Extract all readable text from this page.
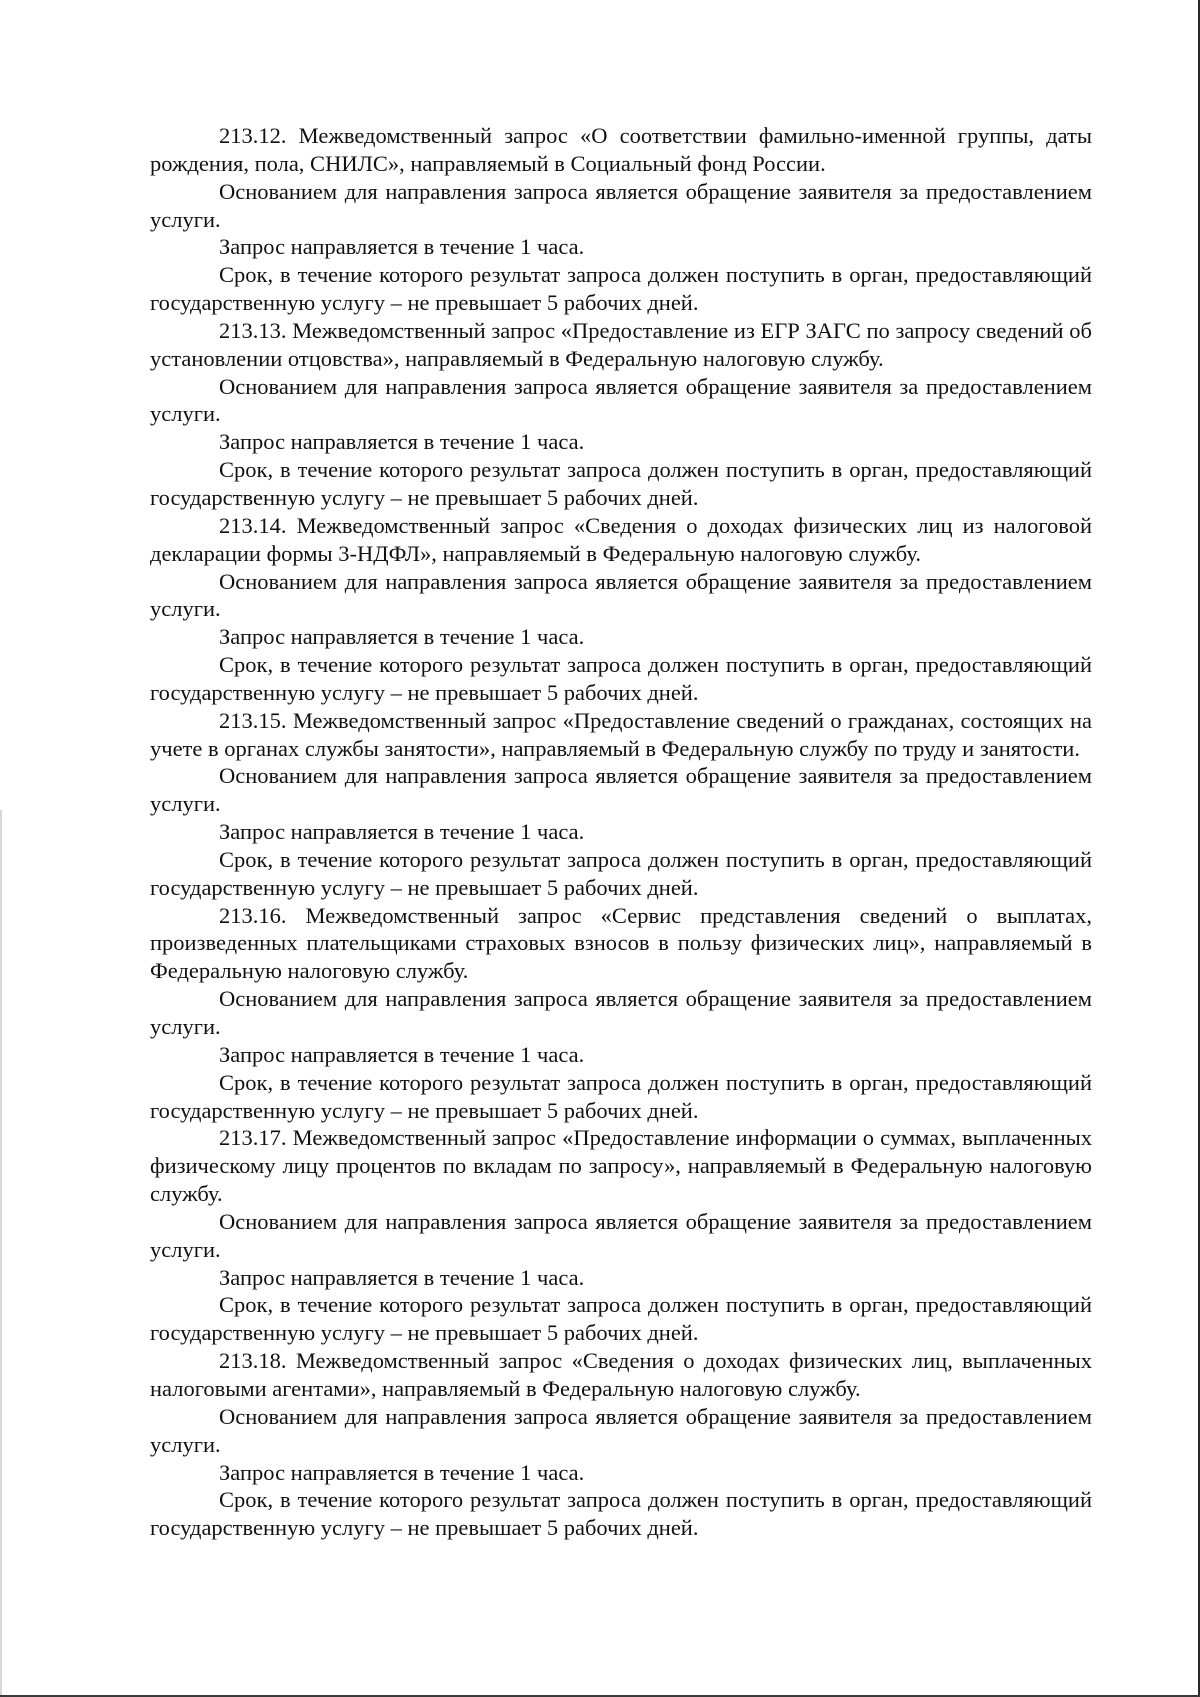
213.12. Межведомственный запрос «О соответствии фамильно-именной группы, даты рождения, пола, СНИЛС», направляемый в Социальный фонд России.

Основанием для направления запроса является обращение заявителя за предоставлением услуги.

Запрос направляется в течение 1 часа.

Срок, в течение которого результат запроса должен поступить в орган, предоставляющий государственную услугу – не превышает 5 рабочих дней.

213.13. Межведомственный запрос «Предоставление из ЕГР ЗАГС по запросу сведений об установлении отцовства», направляемый в Федеральную налоговую службу.

Основанием для направления запроса является обращение заявителя за предоставлением услуги.

Запрос направляется в течение 1 часа.

Срок, в течение которого результат запроса должен поступить в орган, предоставляющий государственную услугу – не превышает 5 рабочих дней.

213.14. Межведомственный запрос «Сведения о доходах физических лиц из налоговой декларации формы 3-НДФЛ», направляемый в Федеральную налоговую службу.

Основанием для направления запроса является обращение заявителя за предоставлением услуги.

Запрос направляется в течение 1 часа.

Срок, в течение которого результат запроса должен поступить в орган, предоставляющий государственную услугу – не превышает 5 рабочих дней.

213.15. Межведомственный запрос «Предоставление сведений о гражданах, состоящих на учете в органах службы занятости», направляемый в Федеральную службу по труду и занятости.

Основанием для направления запроса является обращение заявителя за предоставлением услуги.

Запрос направляется в течение 1 часа.

Срок, в течение которого результат запроса должен поступить в орган, предоставляющий государственную услугу – не превышает 5 рабочих дней.

213.16. Межведомственный запрос «Сервис представления сведений о выплатах, произведенных плательщиками страховых взносов в пользу физических лиц», направляемый в Федеральную налоговую службу.

Основанием для направления запроса является обращение заявителя за предоставлением услуги.

Запрос направляется в течение 1 часа.

Срок, в течение которого результат запроса должен поступить в орган, предоставляющий государственную услугу – не превышает 5 рабочих дней.

213.17. Межведомственный запрос «Предоставление информации о суммах, выплаченных физическому лицу процентов по вкладам по запросу», направляемый в Федеральную налоговую службу.

Основанием для направления запроса является обращение заявителя за предоставлением услуги.

Запрос направляется в течение 1 часа.

Срок, в течение которого результат запроса должен поступить в орган, предоставляющий государственную услугу – не превышает 5 рабочих дней.

213.18. Межведомственный запрос «Сведения о доходах физических лиц, выплаченных налоговыми агентами», направляемый в Федеральную налоговую службу.

Основанием для направления запроса является обращение заявителя за предоставлением услуги.

Запрос направляется в течение 1 часа.

Срок, в течение которого результат запроса должен поступить в орган, предоставляющий государственную услугу – не превышает 5 рабочих дней.
